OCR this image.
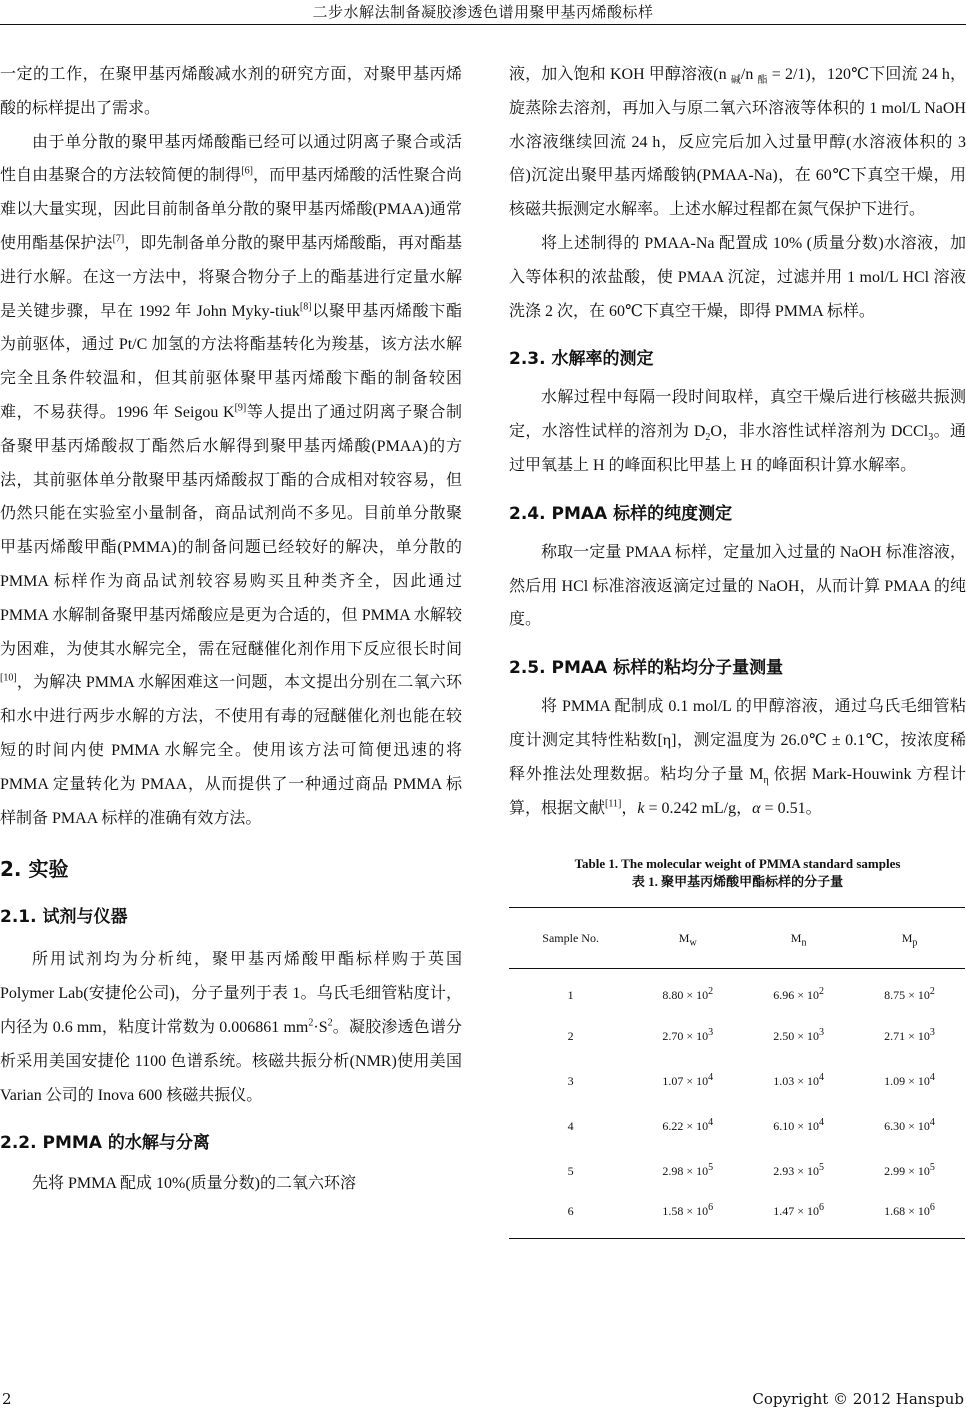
二步水解法制备凝胶渗透色谱用聚甲基丙烯酸标样

一定的工作，在聚甲基丙烯酸减水剂的研究方面，对聚甲基丙烯酸的标样提出了需求。

由于单分散的聚甲基丙烯酸酯已经可以通过阴离子聚合或活性自由基聚合的方法较简便的制得[6]，而甲基丙烯酸的活性聚合尚难以大量实现，因此目前制备单分散的聚甲基丙烯酸(PMAA)通常使用酯基保护法[7]，即先制备单分散的聚甲基丙烯酸酯，再对酯基进行水解。在这一方法中，将聚合物分子上的酯基进行定量水解是关键步骤，早在 1992 年 John Myky-tiuk[8]以聚甲基丙烯酸卞酯为前驱体，通过 Pt/C 加氢的方法将酯基转化为羧基，该方法水解完全且条件较温和，但其前驱体聚甲基丙烯酸卞酯的制备较困难，不易获得。1996 年 Seigou K[9]等人提出了通过阴离子聚合制备聚甲基丙烯酸叔丁酯然后水解得到聚甲基丙烯酸(PMAA)的方法，其前驱体单分散聚甲基丙烯酸叔丁酯的合成相对较容易，但仍然只能在实验室小量制备，商品试剂尚不多见。目前单分散聚甲基丙烯酸甲酯(PMMA)的制备问题已经较好的解决，单分散的 PMMA 标样作为商品试剂较容易购买且种类齐全，因此通过 PMMA 水解制备聚甲基丙烯酸应是更为合适的，但 PMMA 水解较为困难，为使其水解完全，需在冠醚催化剂作用下反应很长时间[10]，为解决 PMMA 水解困难这一问题，本文提出分别在二氧六环和水中进行两步水解的方法，不使用有毒的冠醚催化剂也能在较短的时间内使 PMMA 水解完全。使用该方法可简便迅速的将 PMMA 定量转化为 PMAA，从而提供了一种通过商品 PMMA 标样制备 PMAA 标样的准确有效方法。

2. 实验
2.1. 试剂与仪器

所用试剂均为分析纯，聚甲基丙烯酸甲酯标样购于英国 Polymer Lab(安捷伦公司)，分子量列于表 1。乌氏毛细管粘度计，内径为 0.6 mm，粘度计常数为 0.006861 $mm^2\cdot S^2$。凝胶渗透色谱分析采用美国安捷伦 1100 色谱系统。核磁共振分析(NMR)使用美国 Varian 公司的 Inova 600 核磁共振仪。

2.2. PMMA 的水解与分离

先将 PMMA 配成 10%(质量分数)的二氧六环溶

液，加入饱和 KOH 甲醇溶液(n $_碱$/n $_酯$ = 2/1)，120℃下回流 24 h，旋蒸除去溶剂，再加入与原二氧六环溶液等体积的 1 mol/L NaOH 水溶液继续回流 24 h，反应完后加入过量甲醇(水溶液体积的 3 倍)沉淀出聚甲基丙烯酸钠(PMAA-Na)，在 60℃下真空干燥，用核磁共振测定水解率。上述水解过程都在氮气保护下进行。

将上述制得的 PMAA-Na 配置成 10% (质量分数)水溶液，加入等体积的浓盐酸，使 PMAA 沉淀，过滤并用 1 mol/L HCl 溶液洗涤 2 次，在 60℃下真空干燥，即得 PMMA 标样。

2.3. 水解率的测定

水解过程中每隔一段时间取样，真空干燥后进行核磁共振测定，水溶性试样的溶剂为 $D_2O$，非水溶性试样溶剂为 DCCl$_3$。通过甲氧基上 H 的峰面积比甲基上 H 的峰面积计算水解率。

2.4. PMAA 标样的纯度测定

称取一定量 PMAA 标样，定量加入过量的 NaOH 标准溶液，然后用 HCl 标准溶液返滴定过量的 NaOH，从而计算 PMAA 的纯度。

2.5. PMAA 标样的粘均分子量测量

将 PMMA 配制成 0.1 mol/L 的甲醇溶液，通过乌氏毛细管粘度计测定其特性粘数[η]，测定温度为 26.0℃ ± 0.1℃，按浓度稀释外推法处理数据。粘均分子量 $M_\eta$ 依据 Mark-Houwink 方程计算，根据文献[11]，k = 0.242 mL/g，α = 0.51。

Table 1. The molecular weight of PMMA standard samples
表 1. 聚甲基丙烯酸甲酯标样的分子量
Sample No.	$M_w$	$M_n$	$M_p$
1	$8.80 \times 10^2$	$6.96 \times 10^2$	$8.75 \times 10^2$
2	$2.70 \times 10^3$	$2.50 \times 10^3$	$2.71 \times 10^3$
3	$1.07 \times 10^4$	$1.03 \times 10^4$	$1.09 \times 10^4$
4	$6.22 \times 10^4$	$6.10 \times 10^4$	$6.30 \times 10^4$
5	$2.98 \times 10^5$	$2.93 \times 10^5$	$2.99 \times 10^5$
6	$1.58 \times 10^6$	$1.47 \times 10^6$	$1.68 \times 10^6$
2	Copyright © 2012 Hanspub
